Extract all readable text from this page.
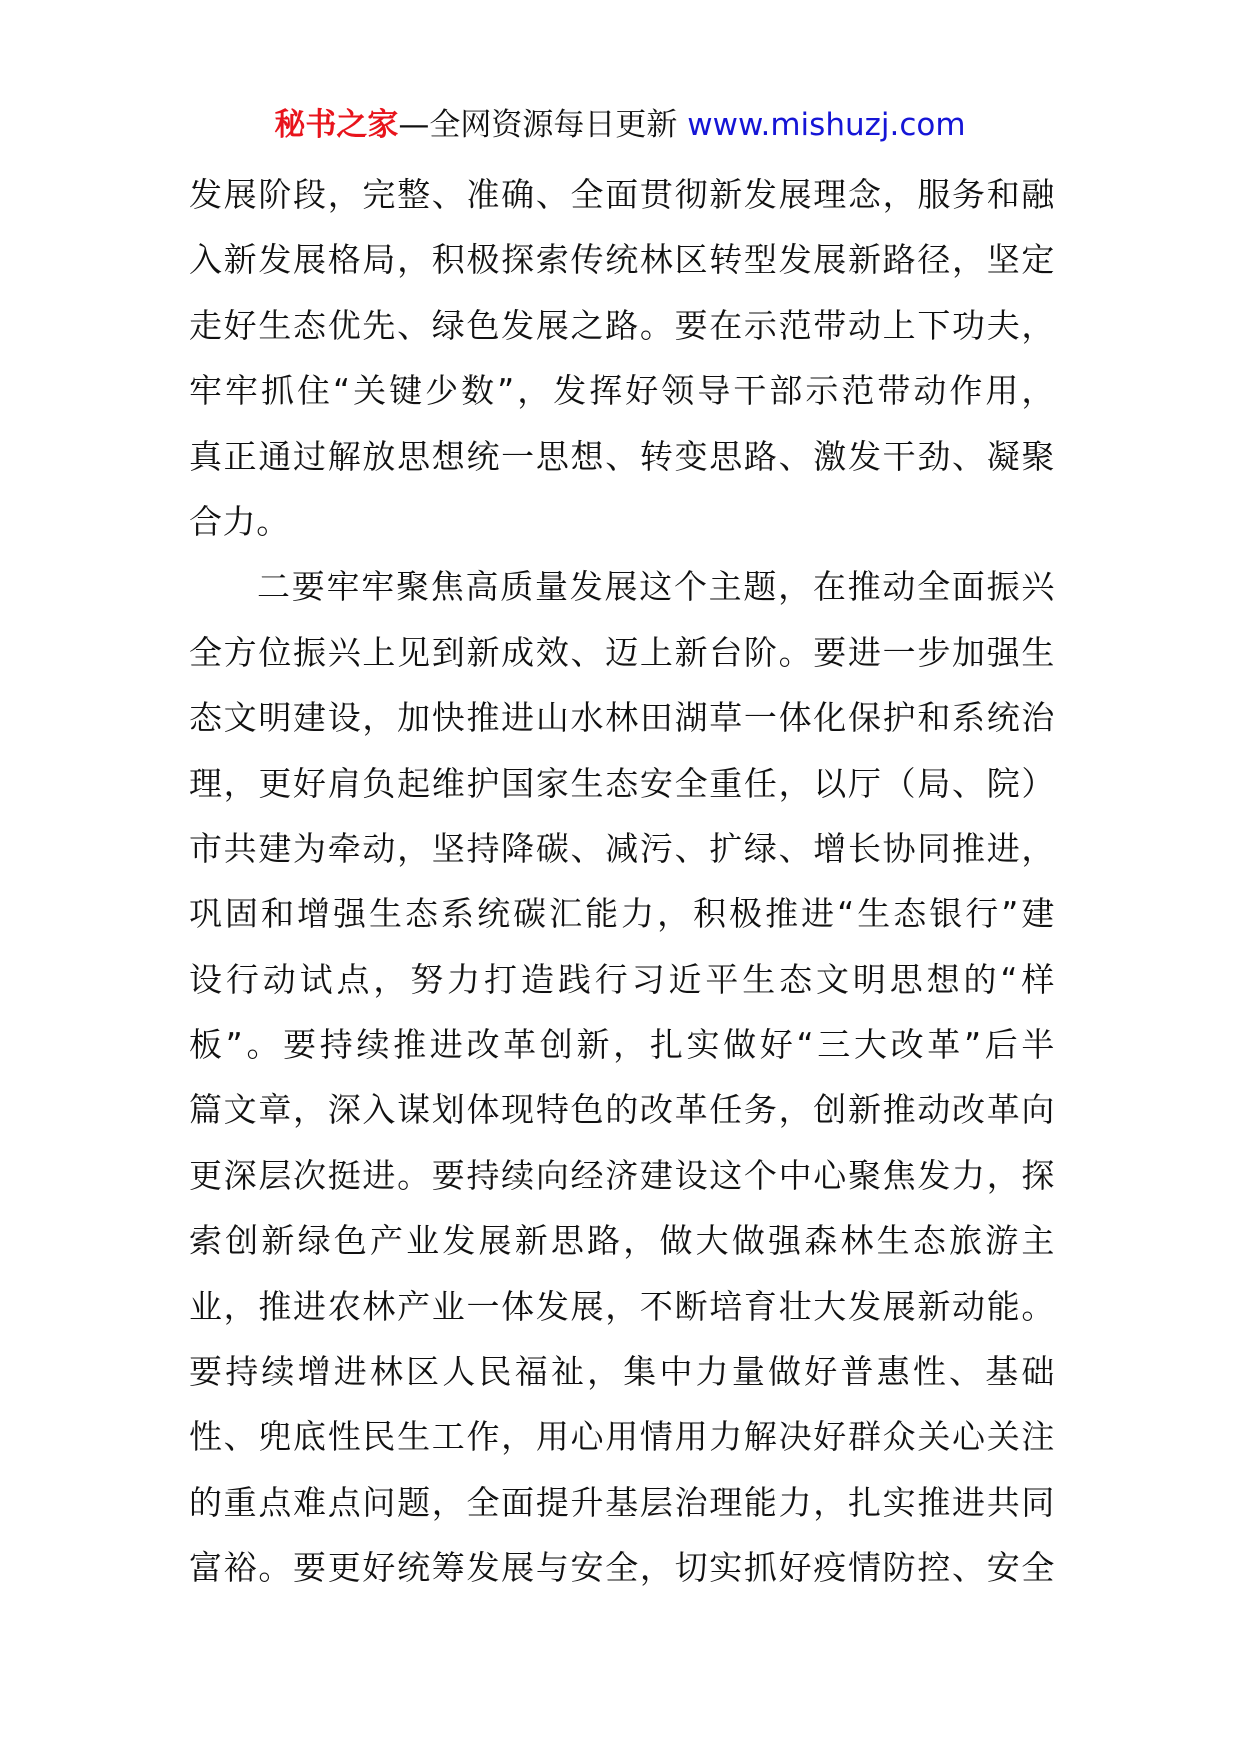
秘书之家—全网资源每日更新 www.mishuzj.com
发展阶段，完整、准确、全面贯彻新发展理念，服务和融
入新发展格局，积极探索传统林区转型发展新路径，坚定
走好生态优先、绿色发展之路。要在示范带动上下功夫，
牢牢抓住“关键少数”，发挥好领导干部示范带动作用，
真正通过解放思想统一思想、转变思路、激发干劲、凝聚
合力。
二要牢牢聚焦高质量发展这个主题，在推动全面振兴
全方位振兴上见到新成效、迈上新台阶。要进一步加强生
态文明建设，加快推进山水林田湖草一体化保护和系统治
理，更好肩负起维护国家生态安全重任，以厅（局、院）
市共建为牵动，坚持降碳、减污、扩绿、增长协同推进，
巩固和增强生态系统碳汇能力，积极推进“生态银行”建
设行动试点，努力打造践行习近平生态文明思想的“样
板”。要持续推进改革创新，扎实做好“三大改革”后半
篇文章，深入谋划体现特色的改革任务，创新推动改革向
更深层次挺进。要持续向经济建设这个中心聚焦发力，探
索创新绿色产业发展新思路，做大做强森林生态旅游主
业，推进农林产业一体发展，不断培育壮大发展新动能。
要持续增进林区人民福祉，集中力量做好普惠性、基础
性、兜底性民生工作，用心用情用力解决好群众关心关注
的重点难点问题，全面提升基层治理能力，扎实推进共同
富裕。要更好统筹发展与安全，切实抓好疫情防控、安全
